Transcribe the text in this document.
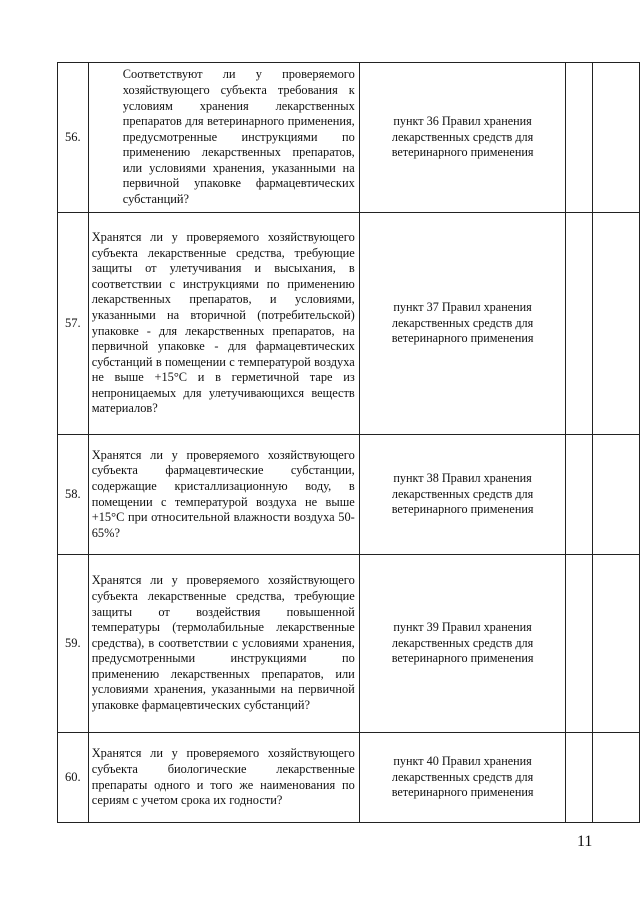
56.	Соответствуют ли у проверяемого хозяйствующего субъекта требования к условиям хранения лекарственных препаратов для ветеринарного применения, предусмотренные инструкциями по применению лекарственных препаратов, или условиями хранения, указанными на первичной упаковке фармацевтических субстанций?	пункт 36 Правил хранения лекарственных средств для ветеринарного применения		
57.	Хранятся ли у проверяемого хозяйствующего субъекта лекарственные средства, требующие защиты от улетучивания и высыхания, в соответствии с инструкциями по применению лекарственных препаратов, и условиями, указанными на вторичной (потребительской) упаковке - для лекарственных препаратов, на первичной упаковке - для фармацевтических субстанций в помещении с температурой воздуха не выше +15°С и в герметичной таре из непроницаемых для улетучивающихся веществ материалов?	пункт 37 Правил хранения лекарственных средств для ветеринарного применения		
58.	Хранятся ли у проверяемого хозяйствующего субъекта фармацевтические субстанции, содержащие кристаллизационную воду, в помещении с температурой воздуха не выше +15°С при относительной влажности воздуха 50-65%?	пункт 38 Правил хранения лекарственных средств для ветеринарного применения		
59.	Хранятся ли у проверяемого хозяйствующего субъекта лекарственные средства, требующие защиты от воздействия повышенной температуры (термолабильные лекарственные средства), в соответствии с условиями хранения, предусмотренными инструкциями по применению лекарственных препаратов, или условиями хранения, указанными на первичной упаковке фармацевтических субстанций?	пункт 39 Правил хранения лекарственных средств для ветеринарного применения		
60.	Хранятся ли у проверяемого хозяйствующего субъекта биологические лекарственные препараты одного и того же наименования по сериям с учетом срока их годности?	пункт 40 Правил хранения лекарственных средств для ветеринарного применения		
11
